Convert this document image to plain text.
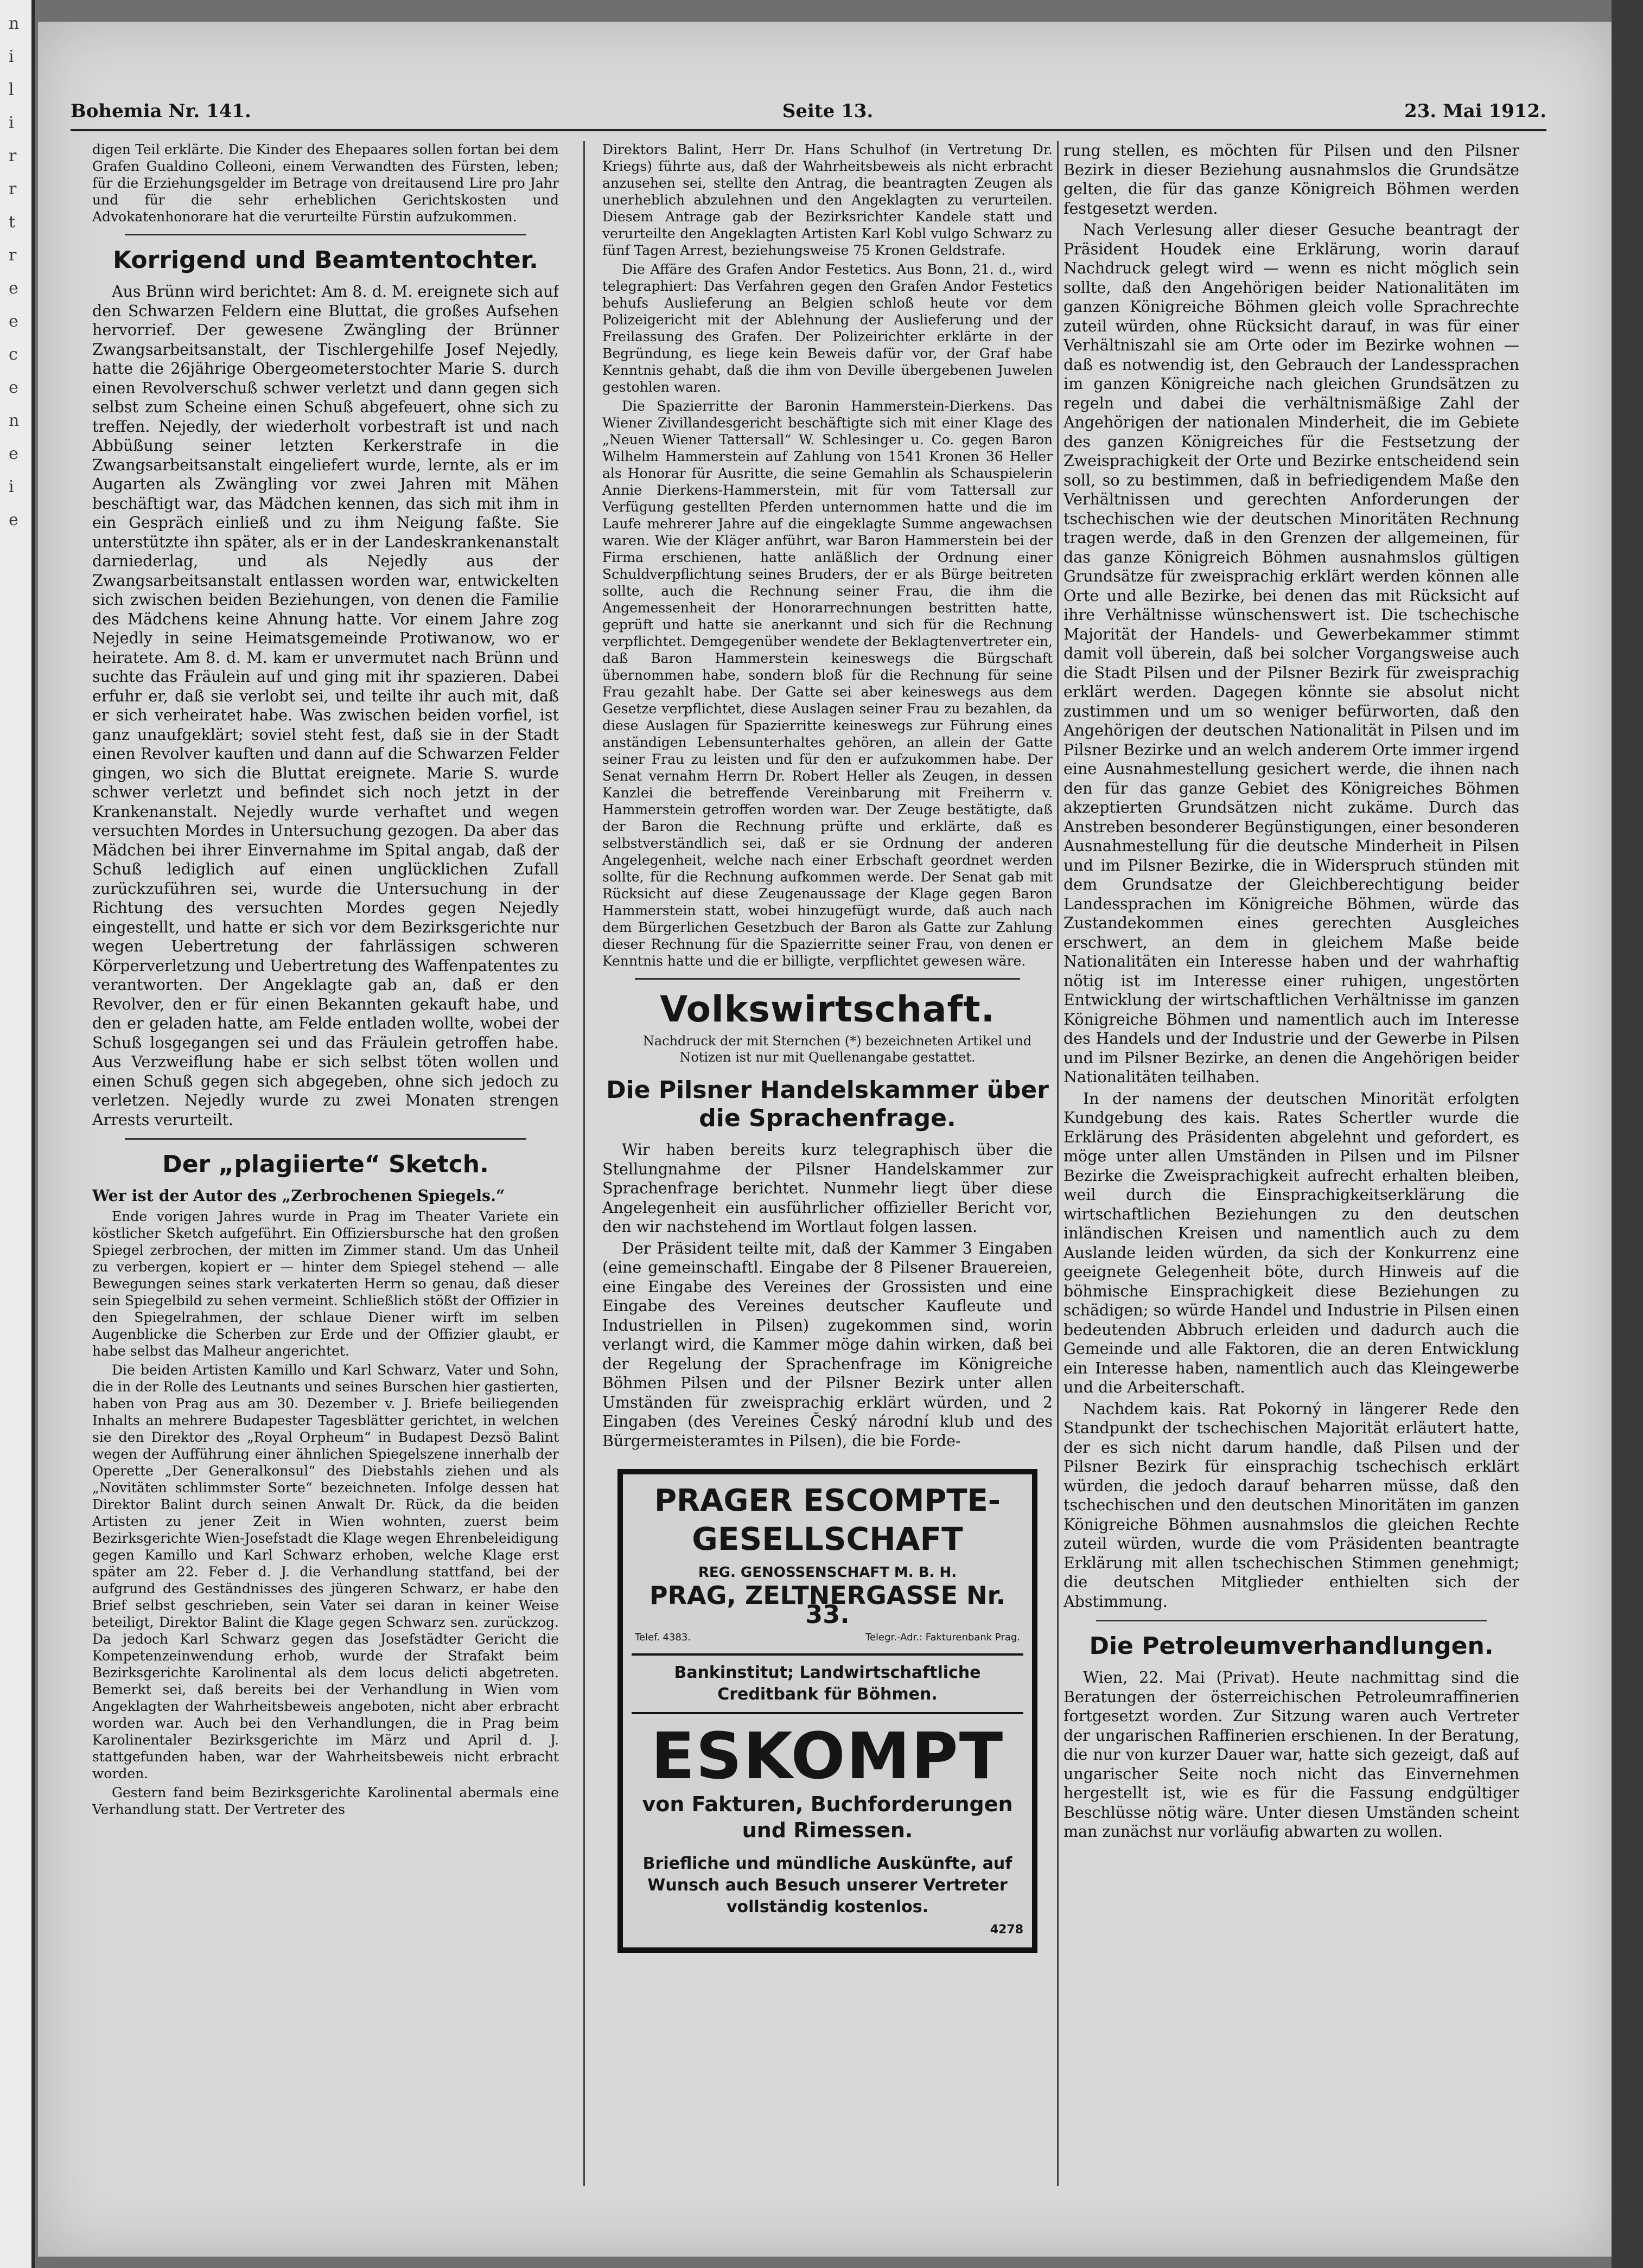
n
i
l
i
r
r
t
r
e
e
c
e
n
e
i
e
Bohemia Nr. 141.	Seite 13.	23. Mai 1912.

digen Teil erklärte. Die Kinder des Ehepaares sollen fortan bei dem Grafen Gualdino Colleoni, einem Verwandten des Fürsten, leben; für die Erziehungsgelder im Betrage von dreitausend Lire pro Jahr und für die sehr erheblichen Gerichtskosten und Advokatenhonorare hat die verurteilte Fürstin aufzukommen.

Korrigend und Beamtentochter.

Aus Brünn wird berichtet: Am 8. d. M. ereignete sich auf den Schwarzen Feldern eine Bluttat, die großes Aufsehen hervorrief. Der gewesene Zwängling der Brünner Zwangsarbeitsanstalt, der Tischlergehilfe Josef Nejedly, hatte die 26jährige Obergeometerstochter Marie S. durch einen Revolverschuß schwer verletzt und dann gegen sich selbst zum Scheine einen Schuß abgefeuert, ohne sich zu treffen. Nejedly, der wiederholt vorbestraft ist und nach Abbüßung seiner letzten Kerkerstrafe in die Zwangsarbeitsanstalt eingeliefert wurde, lernte, als er im Augarten als Zwängling vor zwei Jahren mit Mähen beschäftigt war, das Mädchen kennen, das sich mit ihm in ein Gespräch einließ und zu ihm Neigung faßte. Sie unterstützte ihn später, als er in der Landeskrankenanstalt darniederlag, und als Nejedly aus der Zwangsarbeitsanstalt entlassen worden war, entwickelten sich zwischen beiden Beziehungen, von denen die Familie des Mädchens keine Ahnung hatte. Vor einem Jahre zog Nejedly in seine Heimatsgemeinde Protiwanow, wo er heiratete. Am 8. d. M. kam er unvermutet nach Brünn und suchte das Fräulein auf und ging mit ihr spazieren. Dabei erfuhr er, daß sie verlobt sei, und teilte ihr auch mit, daß er sich verheiratet habe. Was zwischen beiden vorfiel, ist ganz unaufgeklärt; soviel steht fest, daß sie in der Stadt einen Revolver kauften und dann auf die Schwarzen Felder gingen, wo sich die Bluttat ereignete. Marie S. wurde schwer verletzt und befindet sich noch jetzt in der Krankenanstalt. Nejedly wurde verhaftet und wegen versuchten Mordes in Untersuchung gezogen. Da aber das Mädchen bei ihrer Einvernahme im Spital angab, daß der Schuß lediglich auf einen unglücklichen Zufall zurückzuführen sei, wurde die Untersuchung in der Richtung des versuchten Mordes gegen Nejedly eingestellt, und hatte er sich vor dem Bezirksgerichte nur wegen Uebertretung der fahrlässigen schweren Körperverletzung und Uebertretung des Waffenpatentes zu verantworten. Der Angeklagte gab an, daß er den Revolver, den er für einen Bekannten gekauft habe, und den er geladen hatte, am Felde entladen wollte, wobei der Schuß losgegangen sei und das Fräulein getroffen habe. Aus Verzweiflung habe er sich selbst töten wollen und einen Schuß gegen sich abgegeben, ohne sich jedoch zu verletzen. Nejedly wurde zu zwei Monaten strengen Arrests verurteilt.

Der „plagiierte“ Sketch.

Wer ist der Autor des „Zerbrochenen Spiegels.“

Ende vorigen Jahres wurde in Prag im Theater Variete ein köstlicher Sketch aufgeführt. Ein Offiziersbursche hat den großen Spiegel zerbrochen, der mitten im Zimmer stand. Um das Unheil zu verbergen, kopiert er — hinter dem Spiegel stehend — alle Bewegungen seines stark verkaterten Herrn so genau, daß dieser sein Spiegelbild zu sehen vermeint. Schließlich stößt der Offizier in den Spiegelrahmen, der schlaue Diener wirft im selben Augenblicke die Scherben zur Erde und der Offizier glaubt, er habe selbst das Malheur angerichtet.

Die beiden Artisten Kamillo und Karl Schwarz, Vater und Sohn, die in der Rolle des Leutnants und seines Burschen hier gastierten, haben von Prag aus am 30. Dezember v. J. Briefe beiliegenden Inhalts an mehrere Budapester Tagesblätter gerichtet, in welchen sie den Direktor des „Royal Orpheum“ in Budapest Dezsö Balint wegen der Aufführung einer ähnlichen Spiegelszene innerhalb der Operette „Der Generalkonsul“ des Diebstahls ziehen und als „Novitäten schlimmster Sorte“ bezeichneten. Infolge dessen hat Direktor Balint durch seinen Anwalt Dr. Rück, da die beiden Artisten zu jener Zeit in Wien wohnten, zuerst beim Bezirksgerichte Wien-Josefstadt die Klage wegen Ehrenbeleidigung gegen Kamillo und Karl Schwarz erhoben, welche Klage erst später am 22. Feber d. J. die Verhandlung stattfand, bei der aufgrund des Geständnisses des jüngeren Schwarz, er habe den Brief selbst geschrieben, sein Vater sei daran in keiner Weise beteiligt, Direktor Balint die Klage gegen Schwarz sen. zurückzog. Da jedoch Karl Schwarz gegen das Josefstädter Gericht die Kompetenzeinwendung erhob, wurde der Strafakt beim Bezirksgerichte Karolinental als dem locus delicti abgetreten. Bemerkt sei, daß bereits bei der Verhandlung in Wien vom Angeklagten der Wahrheitsbeweis angeboten, nicht aber erbracht worden war. Auch bei den Verhandlungen, die in Prag beim Karolinentaler Bezirksgerichte im März und April d. J. stattgefunden haben, war der Wahrheitsbeweis nicht erbracht worden.

Gestern fand beim Bezirksgerichte Karolinental abermals eine Verhandlung statt. Der Vertreter des

Direktors Balint, Herr Dr. Hans Schulhof (in Vertretung Dr. Kriegs) führte aus, daß der Wahrheitsbeweis als nicht erbracht anzusehen sei, stellte den Antrag, die beantragten Zeugen als unerheblich abzulehnen und den Angeklagten zu verurteilen. Diesem Antrage gab der Bezirksrichter Kandele statt und verurteilte den Angeklagten Artisten Karl Kobl vulgo Schwarz zu fünf Tagen Arrest, beziehungsweise 75 Kronen Geldstrafe.

Die Affäre des Grafen Andor Festetics. Aus Bonn, 21. d., wird telegraphiert: Das Verfahren gegen den Grafen Andor Festetics behufs Auslieferung an Belgien schloß heute vor dem Polizeigericht mit der Ablehnung der Auslieferung und der Freilassung des Grafen. Der Polizeirichter erklärte in der Begründung, es liege kein Beweis dafür vor, der Graf habe Kenntnis gehabt, daß die ihm von Deville übergebenen Juwelen gestohlen waren.

Die Spazierritte der Baronin Hammerstein-Dierkens. Das Wiener Zivillandesgericht beschäftigte sich mit einer Klage des „Neuen Wiener Tattersall“ W. Schlesinger u. Co. gegen Baron Wilhelm Hammerstein auf Zahlung von 1541 Kronen 36 Heller als Honorar für Ausritte, die seine Gemahlin als Schauspielerin Annie Dierkens-Hammerstein, mit für vom Tattersall zur Verfügung gestellten Pferden unternommen hatte und die im Laufe mehrerer Jahre auf die eingeklagte Summe angewachsen waren. Wie der Kläger anführt, war Baron Hammerstein bei der Firma erschienen, hatte anläßlich der Ordnung einer Schuldverpflichtung seines Bruders, der er als Bürge beitreten sollte, auch die Rechnung seiner Frau, die ihm die Angemessenheit der Honorarrechnungen bestritten hatte, geprüft und hatte sie anerkannt und sich für die Rechnung verpflichtet. Demgegenüber wendete der Beklagtenvertreter ein, daß Baron Hammerstein keineswegs die Bürgschaft übernommen habe, sondern bloß für die Rechnung für seine Frau gezahlt habe. Der Gatte sei aber keineswegs aus dem Gesetze verpflichtet, diese Auslagen seiner Frau zu bezahlen, da diese Auslagen für Spazierritte keineswegs zur Führung eines anständigen Lebensunterhaltes gehören, an allein der Gatte seiner Frau zu leisten und für den er aufzukommen habe. Der Senat vernahm Herrn Dr. Robert Heller als Zeugen, in dessen Kanzlei die betreffende Vereinbarung mit Freiherrn v. Hammerstein getroffen worden war. Der Zeuge bestätigte, daß der Baron die Rechnung prüfte und erklärte, daß es selbstverständlich sei, daß er sie Ordnung der anderen Angelegenheit, welche nach einer Erbschaft geordnet werden sollte, für die Rechnung aufkommen werde. Der Senat gab mit Rücksicht auf diese Zeugenaussage der Klage gegen Baron Hammerstein statt, wobei hinzugefügt wurde, daß auch nach dem Bürgerlichen Gesetzbuch der Baron als Gatte zur Zahlung dieser Rechnung für die Spazierritte seiner Frau, von denen er Kenntnis hatte und die er billigte, verpflichtet gewesen wäre.

Volkswirtschaft.

Nachdruck der mit Sternchen (*) bezeichneten Artikel und Notizen ist nur mit Quellenangabe gestattet.

Die Pilsner Handelskammer über die Sprachenfrage.

Wir haben bereits kurz telegraphisch über die Stellungnahme der Pilsner Handelskammer zur Sprachenfrage berichtet. Nunmehr liegt über diese Angelegenheit ein ausführlicher offizieller Bericht vor, den wir nachstehend im Wortlaut folgen lassen.

Der Präsident teilte mit, daß der Kammer 3 Eingaben (eine gemeinschaftl. Eingabe der 8 Pilsener Brauereien, eine Eingabe des Vereines der Grossisten und eine Eingabe des Vereines deutscher Kaufleute und Industriellen in Pilsen) zugekommen sind, worin verlangt wird, die Kammer möge dahin wirken, daß bei der Regelung der Sprachenfrage im Königreiche Böhmen Pilsen und der Pilsner Bezirk unter allen Umständen für zweisprachig erklärt würden, und 2 Eingaben (des Vereines Český národní klub und des Bürgermeisteramtes in Pilsen), die bie Forde-

PRAGER ESCOMPTE-
GESELLSCHAFT
REG. GENOSSENSCHAFT M. B. H.
PRAG, ZELTNERGASSE Nr. 33.
Telef. 4383.	Telegr.-Adr.: Fakturenbank Prag.
Bankinstitut; Landwirtschaftliche Creditbank für Böhmen.
ESKOMPT
von Fakturen, Buchforderungen und Rimessen.
Briefliche und mündliche Auskünfte, auf Wunsch auch Besuch unserer Vertreter vollständig kostenlos.
4278

rung stellen, es möchten für Pilsen und den Pilsner Bezirk in dieser Beziehung ausnahmslos die Grundsätze gelten, die für das ganze Königreich Böhmen werden festgesetzt werden.

Nach Verlesung aller dieser Gesuche beantragt der Präsident Houdek eine Erklärung, worin darauf Nachdruck gelegt wird — wenn es nicht möglich sein sollte, daß den Angehörigen beider Nationalitäten im ganzen Königreiche Böhmen gleich volle Sprachrechte zuteil würden, ohne Rücksicht darauf, in was für einer Verhältniszahl sie am Orte oder im Bezirke wohnen — daß es notwendig ist, den Gebrauch der Landessprachen im ganzen Königreiche nach gleichen Grundsätzen zu regeln und dabei die verhältnismäßige Zahl der Angehörigen der nationalen Minderheit, die im Gebiete des ganzen Königreiches für die Festsetzung der Zweisprachigkeit der Orte und Bezirke entscheidend sein soll, so zu bestimmen, daß in befriedigendem Maße den Verhältnissen und gerechten Anforderungen der tschechischen wie der deutschen Minoritäten Rechnung tragen werde, daß in den Grenzen der allgemeinen, für das ganze Königreich Böhmen ausnahmslos gültigen Grundsätze für zweisprachig erklärt werden können alle Orte und alle Bezirke, bei denen das mit Rücksicht auf ihre Verhältnisse wünschenswert ist. Die tschechische Majorität der Handels- und Gewerbekammer stimmt damit voll überein, daß bei solcher Vorgangsweise auch die Stadt Pilsen und der Pilsner Bezirk für zweisprachig erklärt werden. Dagegen könnte sie absolut nicht zustimmen und um so weniger befürworten, daß den Angehörigen der deutschen Nationalität in Pilsen und im Pilsner Bezirke und an welch anderem Orte immer irgend eine Ausnahmestellung gesichert werde, die ihnen nach den für das ganze Gebiet des Königreiches Böhmen akzeptierten Grundsätzen nicht zukäme. Durch das Anstreben besonderer Begünstigungen, einer besonderen Ausnahmestellung für die deutsche Minderheit in Pilsen und im Pilsner Bezirke, die in Widerspruch stünden mit dem Grundsatze der Gleichberechtigung beider Landessprachen im Königreiche Böhmen, würde das Zustandekommen eines gerechten Ausgleiches erschwert, an dem in gleichem Maße beide Nationalitäten ein Interesse haben und der wahrhaftig nötig ist im Interesse einer ruhigen, ungestörten Entwicklung der wirtschaftlichen Verhältnisse im ganzen Königreiche Böhmen und namentlich auch im Interesse des Handels und der Industrie und der Gewerbe in Pilsen und im Pilsner Bezirke, an denen die Angehörigen beider Nationalitäten teilhaben.

In der namens der deutschen Minorität erfolgten Kundgebung des kais. Rates Schertler wurde die Erklärung des Präsidenten abgelehnt und gefordert, es möge unter allen Umständen in Pilsen und im Pilsner Bezirke die Zweisprachigkeit aufrecht erhalten bleiben, weil durch die Einsprachigkeitserklärung die wirtschaftlichen Beziehungen zu den deutschen inländischen Kreisen und namentlich auch zu dem Auslande leiden würden, da sich der Konkurrenz eine geeignete Gelegenheit böte, durch Hinweis auf die böhmische Einsprachigkeit diese Beziehungen zu schädigen; so würde Handel und Industrie in Pilsen einen bedeutenden Abbruch erleiden und dadurch auch die Gemeinde und alle Faktoren, die an deren Entwicklung ein Interesse haben, namentlich auch das Kleingewerbe und die Arbeiterschaft.

Nachdem kais. Rat Pokorný in längerer Rede den Standpunkt der tschechischen Majorität erläutert hatte, der es sich nicht darum handle, daß Pilsen und der Pilsner Bezirk für einsprachig tschechisch erklärt würden, die jedoch darauf beharren müsse, daß den tschechischen und den deutschen Minoritäten im ganzen Königreiche Böhmen ausnahmslos die gleichen Rechte zuteil würden, wurde die vom Präsidenten beantragte Erklärung mit allen tschechischen Stimmen genehmigt; die deutschen Mitglieder enthielten sich der Abstimmung.

Die Petroleumverhandlungen.

Wien, 22. Mai (Privat). Heute nachmittag sind die Beratungen der österreichischen Petroleumraffinerien fortgesetzt worden. Zur Sitzung waren auch Vertreter der ungarischen Raffinerien erschienen. In der Beratung, die nur von kurzer Dauer war, hatte sich gezeigt, daß auf ungarischer Seite noch nicht das Einvernehmen hergestellt ist, wie es für die Fassung endgültiger Beschlüsse nötig wäre. Unter diesen Umständen scheint man zunächst nur vorläufig abwarten zu wollen.
